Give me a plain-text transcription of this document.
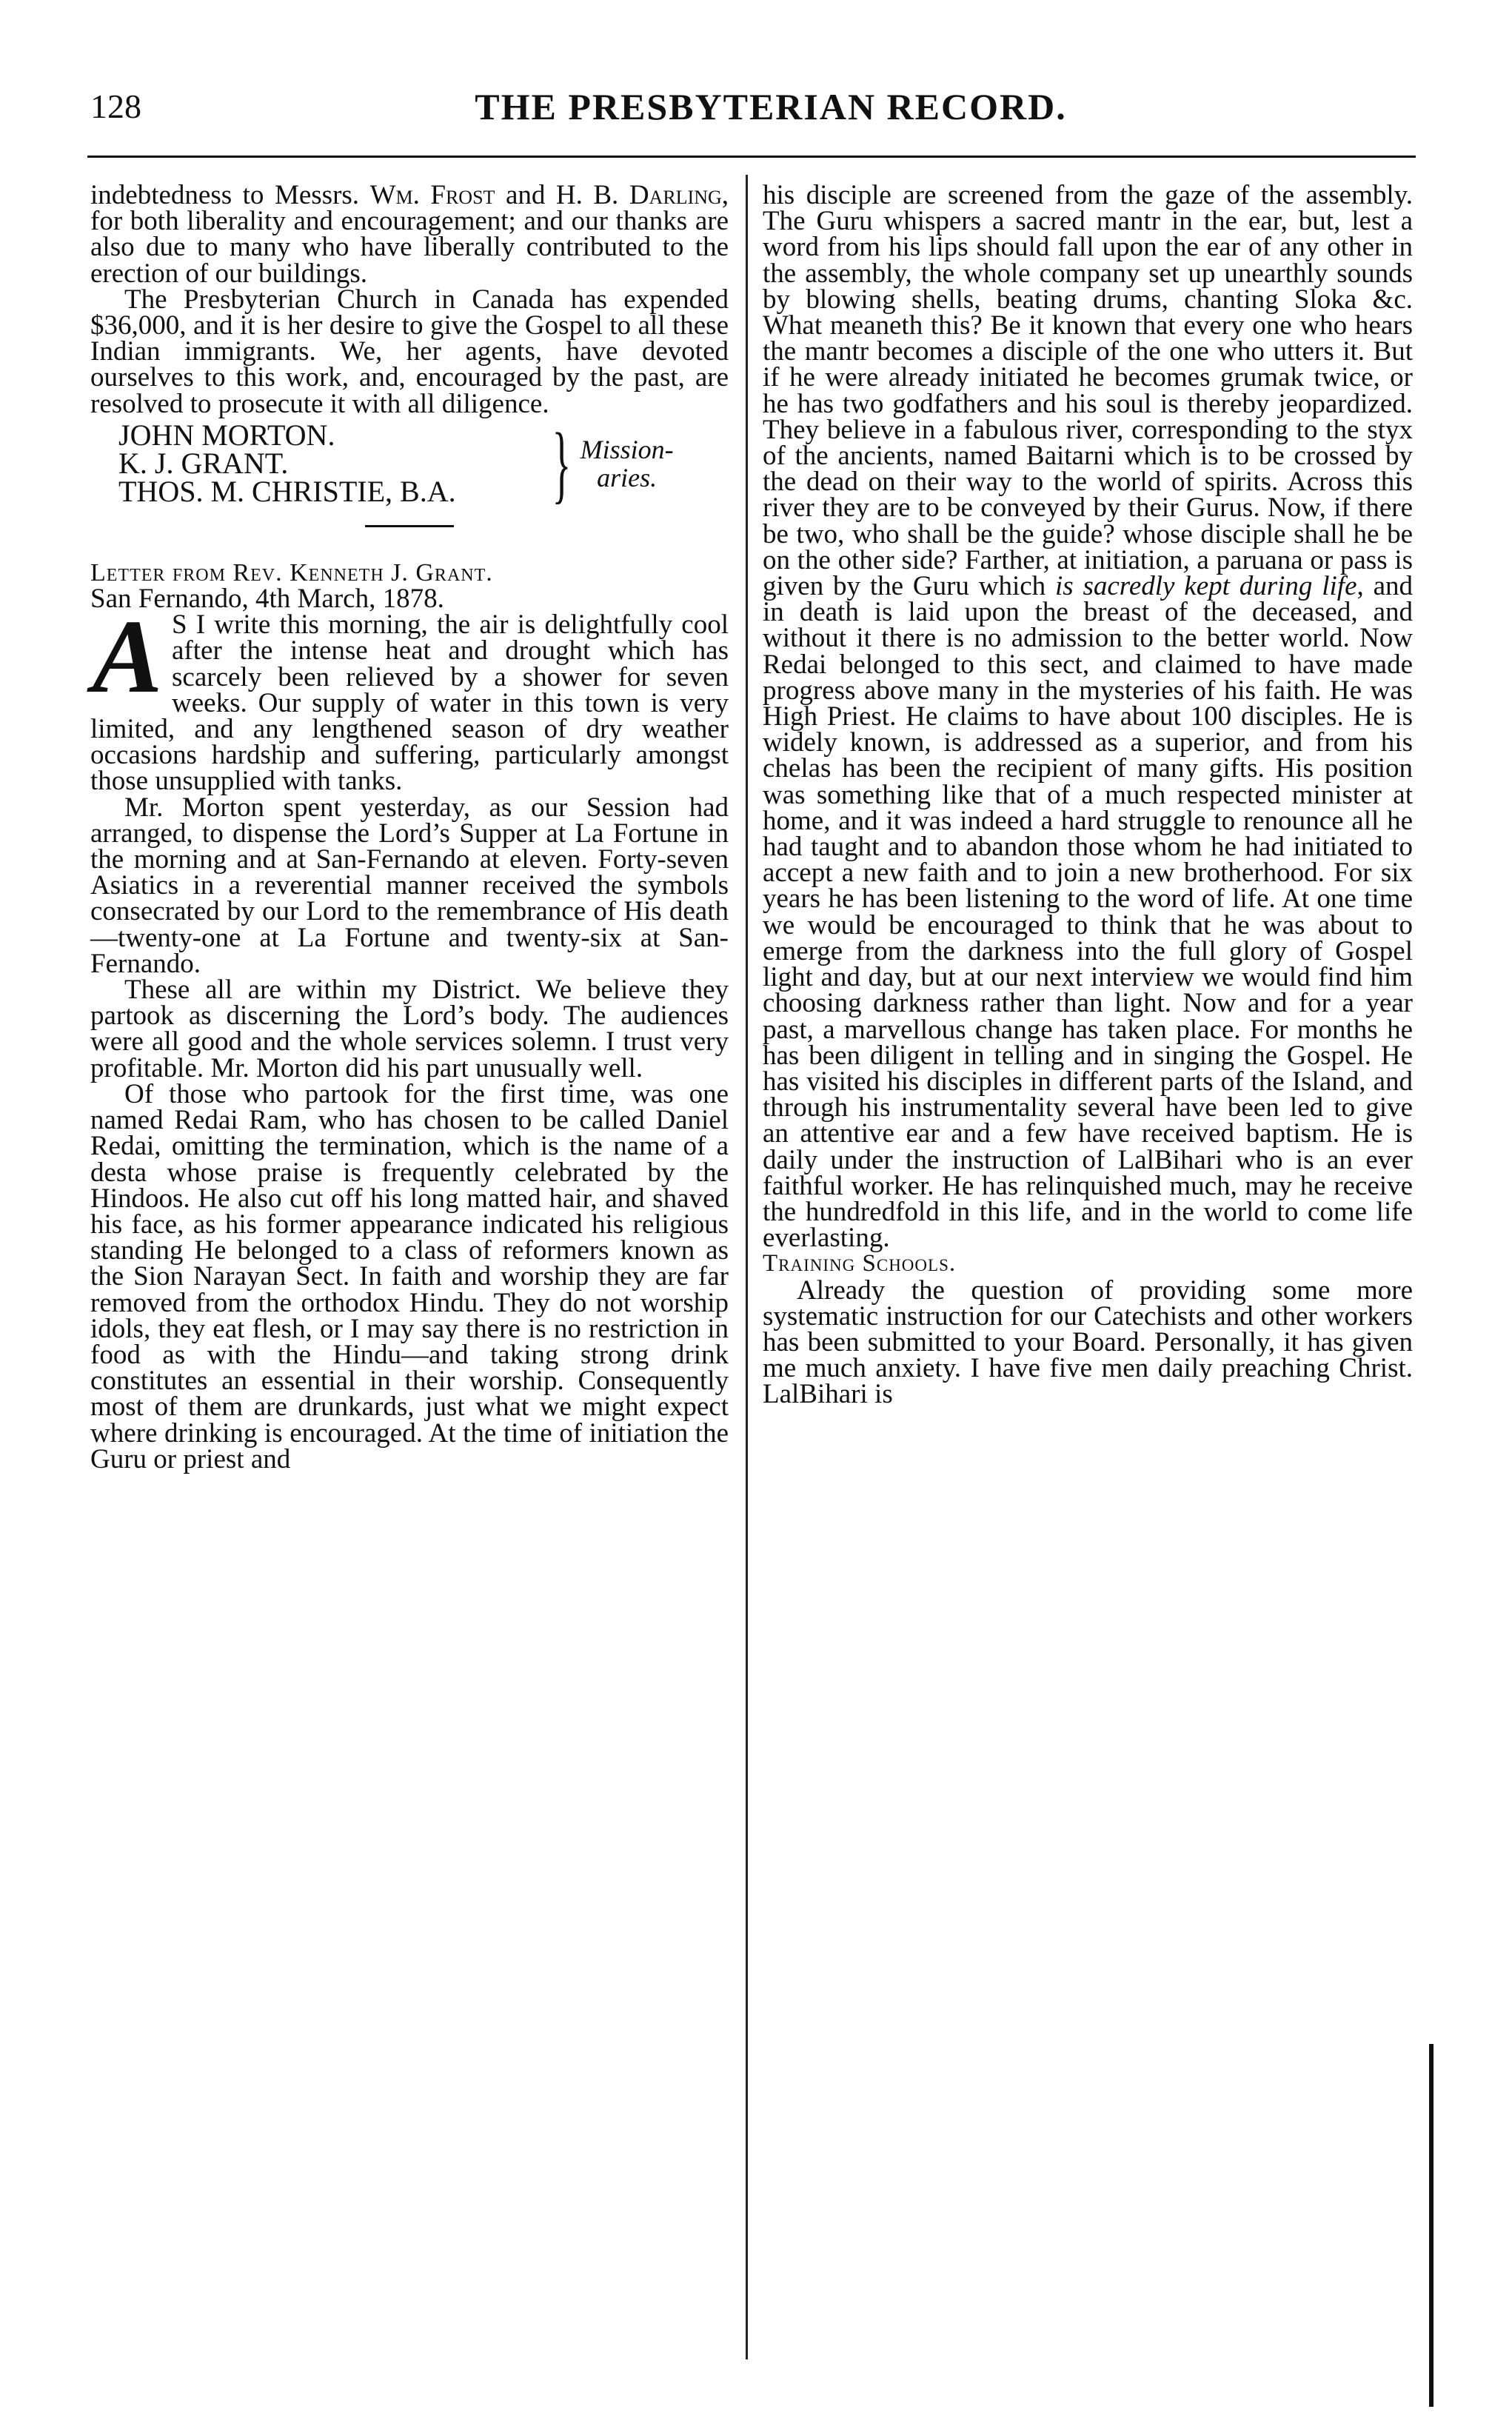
128	THE PRESBYTERIAN RECORD.

indebtedness to Messrs. Wm. Frost and H. B. Darling, for both liberality and encouragement; and our thanks are also due to many who have liberally contributed to the erection of our buildings.

The Presbyterian Church in Canada has expended $36,000, and it is her desire to give the Gospel to all these Indian immigrants. We, her agents, have devoted ourselves to this work, and, encouraged by the past, are resolved to prosecute it with all diligence.

JOHN MORTON.
K. J. GRANT.
THOS. M. CHRISTIE, B.A.	} Mission-
aries.

Letter from Rev. Kenneth J. Grant.

San Fernando, 4th March, 1878.

A S I write this morning, the air is delightfully cool after the intense heat and drought which has scarcely been relieved by a shower for seven weeks. Our supply of water in this town is very limited, and any lengthened season of dry weather occasions hardship and suffering, particularly amongst those unsupplied with tanks.

Mr. Morton spent yesterday, as our Session had arranged, to dispense the Lord’s Supper at La Fortune in the morning and at San-Fernando at eleven. Forty-seven Asiatics in a reverential manner received the symbols consecrated by our Lord to the remembrance of His death—twenty-one at La Fortune and twenty-six at San-Fernando.

These all are within my District. We believe they partook as discerning the Lord’s body. The audiences were all good and the whole services solemn. I trust very profitable. Mr. Morton did his part unusually well.

Of those who partook for the first time, was one named Redai Ram, who has chosen to be called Daniel Redai, omitting the termination, which is the name of a desta whose praise is frequently celebrated by the Hindoos. He also cut off his long matted hair, and shaved his face, as his former appearance indicated his religious standing He belonged to a class of reformers known as the Sion Narayan Sect. In faith and worship they are far removed from the orthodox Hindu. They do not worship idols, they eat flesh, or I may say there is no restriction in food as with the Hindu—and taking strong drink constitutes an essential in their worship. Consequently most of them are drunkards, just what we might expect where drinking is encouraged. At the time of initiation the Guru or priest and

his disciple are screened from the gaze of the assembly. The Guru whispers a sacred mantr in the ear, but, lest a word from his lips should fall upon the ear of any other in the assembly, the whole company set up unearthly sounds by blowing shells, beating drums, chanting Sloka &c. What meaneth this? Be it known that every one who hears the mantr becomes a disciple of the one who utters it. But if he were already initiated he becomes grumak twice, or he has two godfathers and his soul is thereby jeopardized. They believe in a fabulous river, corresponding to the styx of the ancients, named Baitarni which is to be crossed by the dead on their way to the world of spirits. Across this river they are to be conveyed by their Gurus. Now, if there be two, who shall be the guide? whose disciple shall he be on the other side? Farther, at initiation, a paruana or pass is given by the Guru which is sacredly kept during life, and in death is laid upon the breast of the deceased, and without it there is no admission to the better world. Now Redai belonged to this sect, and claimed to have made progress above many in the mysteries of his faith. He was High Priest. He claims to have about 100 disciples. He is widely known, is addressed as a superior, and from his chelas has been the recipient of many gifts. His position was something like that of a much respected minister at home, and it was indeed a hard struggle to renounce all he had taught and to abandon those whom he had initiated to accept a new faith and to join a new brotherhood. For six years he has been listening to the word of life. At one time we would be encouraged to think that he was about to emerge from the darkness into the full glory of Gospel light and day, but at our next interview we would find him choosing darkness rather than light. Now and for a year past, a marvellous change has taken place. For months he has been diligent in telling and in singing the Gospel. He has visited his disciples in different parts of the Island, and through his instrumentality several have been led to give an attentive ear and a few have received baptism. He is daily under the instruction of LalBihari who is an ever faithful worker. He has relinquished much, may he receive the hundredfold in this life, and in the world to come life everlasting.

Training Schools.

Already the question of providing some more systematic instruction for our Catechists and other workers has been submitted to your Board. Personally, it has given me much anxiety. I have five men daily preaching Christ. LalBihari is
